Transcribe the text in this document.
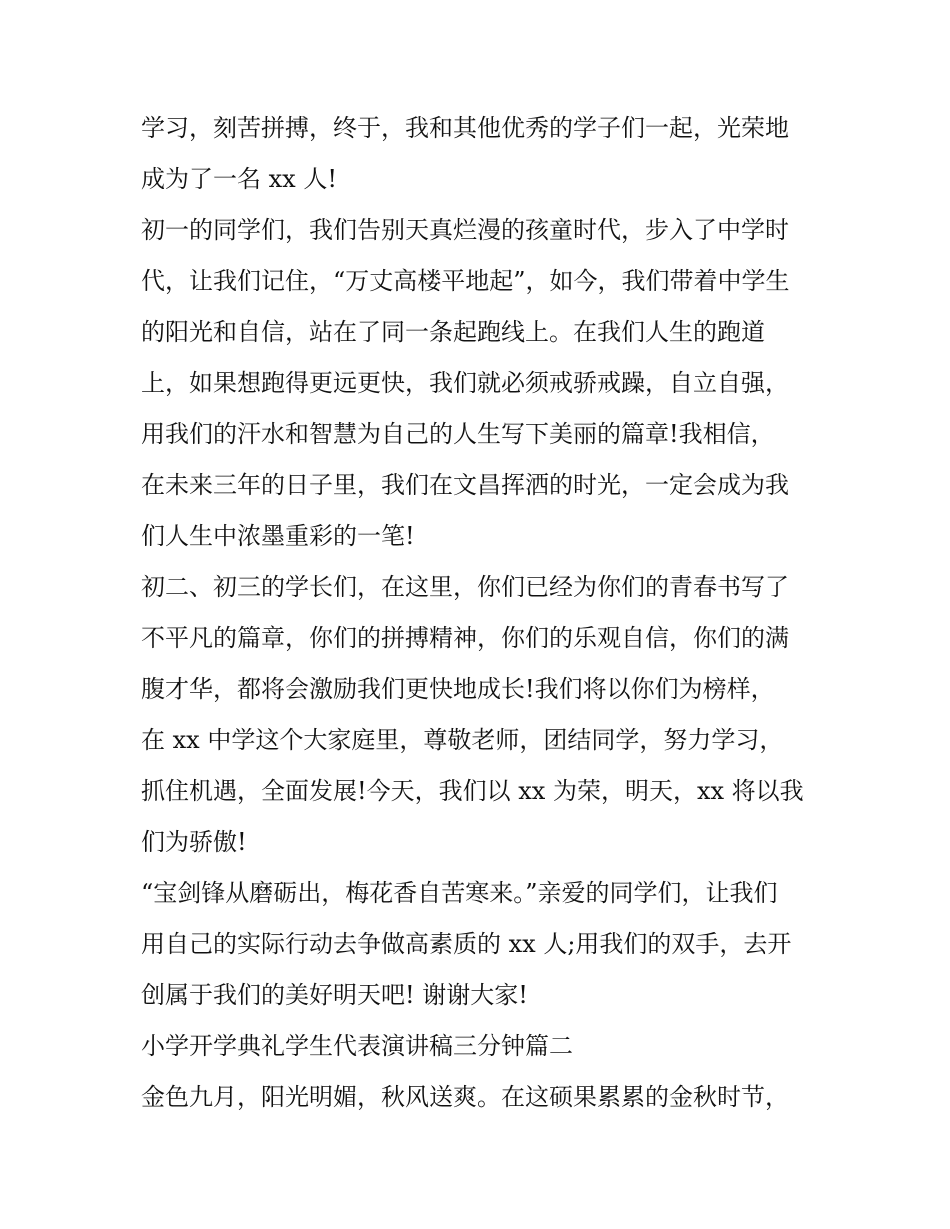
学习，刻苦拼搏，终于，我和其他优秀的学子们一起，光荣地
成为了一名 xx 人!
初一的同学们，我们告别天真烂漫的孩童时代，步入了中学时
代，让我们记住，“万丈高楼平地起”，如今，我们带着中学生
的阳光和自信，站在了同一条起跑线上。在我们人生的跑道
上，如果想跑得更远更快，我们就必须戒骄戒躁，自立自强，
用我们的汗水和智慧为自己的人生写下美丽的篇章!我相信，
在未来三年的日子里，我们在文昌挥洒的时光，一定会成为我
们人生中浓墨重彩的一笔!
初二、初三的学长们，在这里，你们已经为你们的青春书写了
不平凡的篇章，你们的拼搏精神，你们的乐观自信，你们的满
腹才华，都将会激励我们更快地成长!我们将以你们为榜样，
在 xx 中学这个大家庭里，尊敬老师，团结同学，努力学习，
抓住机遇，全面发展!今天，我们以 xx 为荣，明天，xx 将以我
们为骄傲!
“宝剑锋从磨砺出，梅花香自苦寒来。”亲爱的同学们，让我们
用自己的实际行动去争做高素质的 xx 人;用我们的双手，去开
创属于我们的美好明天吧! 谢谢大家!
小学开学典礼学生代表演讲稿三分钟篇二
金色九月，阳光明媚，秋风送爽。在这硕果累累的金秋时节，
